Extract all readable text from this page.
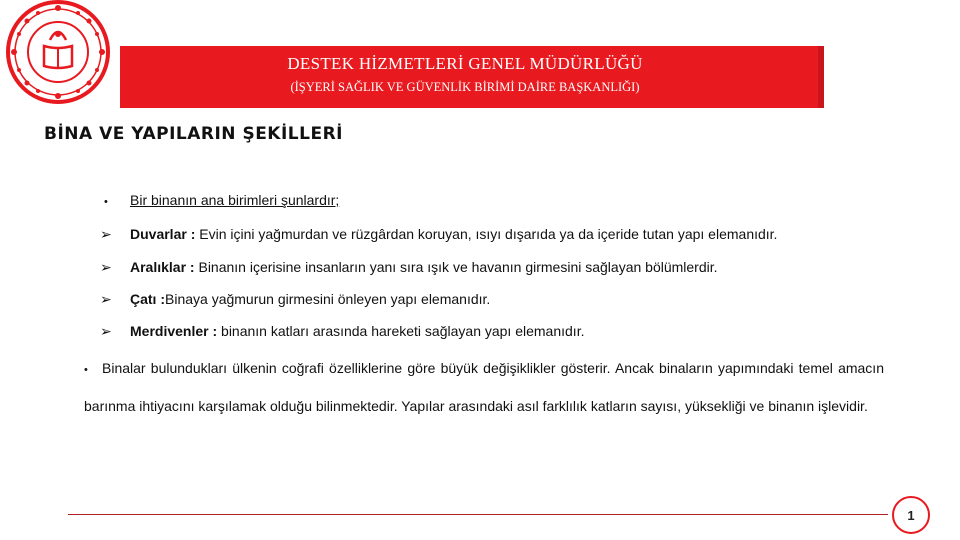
DESTEK HİZMETLERİ GENEL MÜDÜRLÜĞÜ
(İŞYERİ SAĞLIK VE GÜVENLİK BİRİMİ DAİRE BAŞKANLIĞI)
BİNA VE YAPILARIN ŞEKİLLERİ
• Bir binanın ana birimleri şunlardır;
➢ Duvarlar : Evin içini yağmurdan ve rüzgârdan koruyan, ısıyı dışarıda ya da içeride tutan yapı elemanıdır.
➢ Aralıklar : Binanın içerisine insanların yanı sıra ışık ve havanın girmesini sağlayan bölümlerdir.
➢ Çatı :Binaya yağmurun girmesini önleyen yapı elemanıdır.
➢ Merdivenler : binanın katları arasında hareketi sağlayan yapı elemanıdır.
• Binalar bulundukları ülkenin coğrafi özelliklerine göre büyük değişiklikler gösterir. Ancak binaların yapımındaki temel amacın barınma ihtiyacını karşılamak olduğu bilinmektedir. Yapılar arasındaki asıl farklılık katların sayısı, yüksekliği ve binanın işlevidir.
1
